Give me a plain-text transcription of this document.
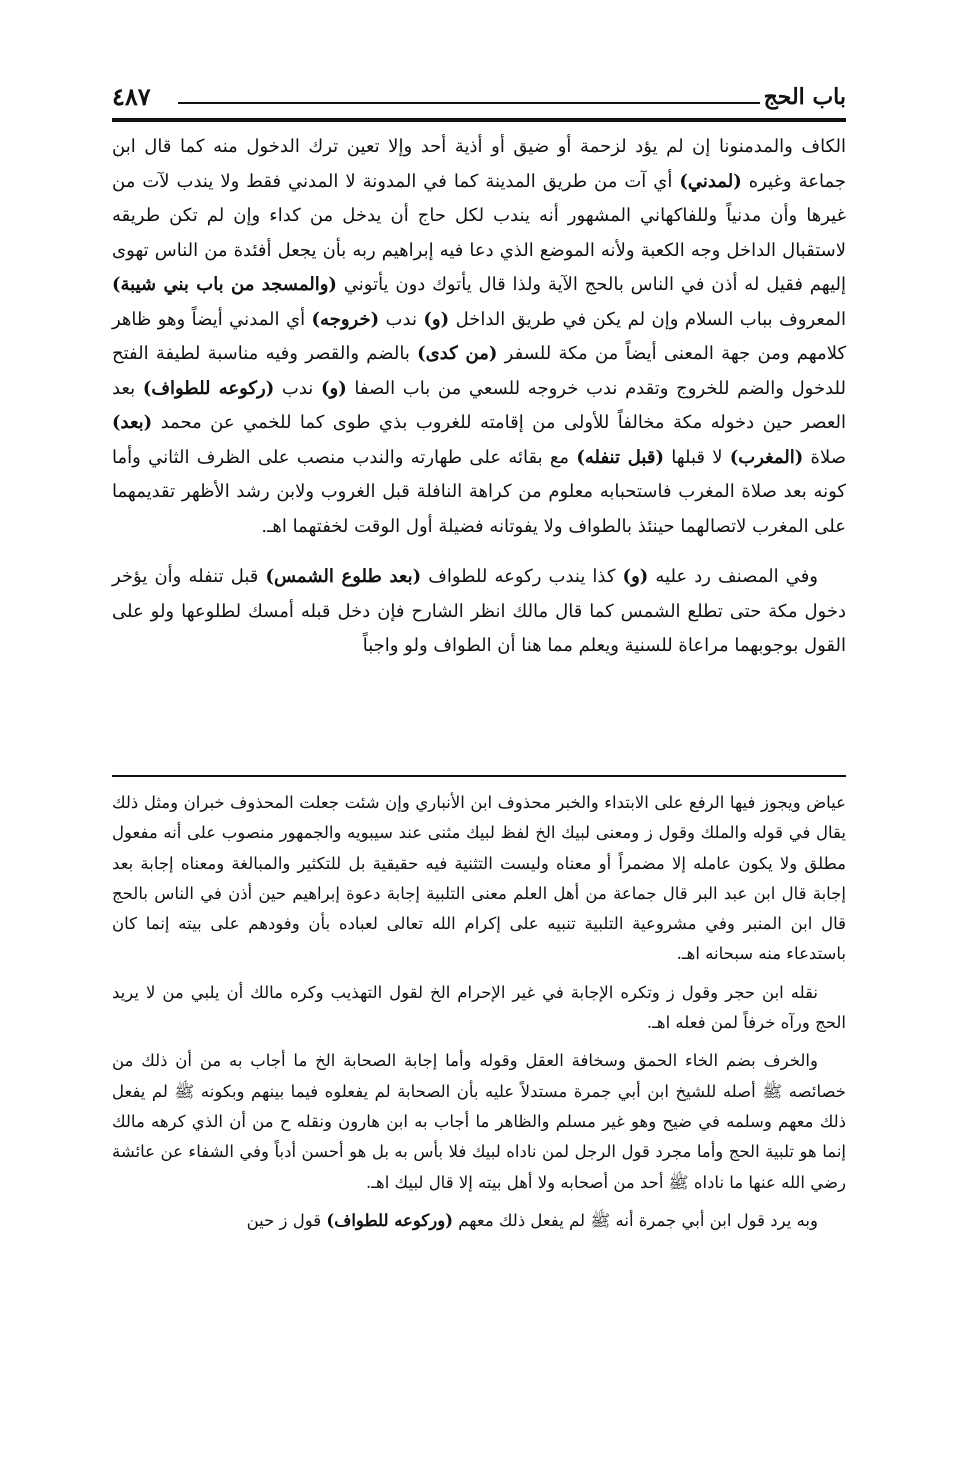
٤٨٧	باب الحج

الكاف والمدمنونا إن لم يؤد لزحمة أو ضيق أو أذية أحد وإلا تعين ترك الدخول منه كما قال ابن جماعة وغيره (لمدني) أي آت من طريق المدينة كما في المدونة لا المدني فقط ولا يندب لآت من غيرها وأن مدنياً وللفاكهاني المشهور أنه يندب لكل حاج أن يدخل من كداء وإن لم تكن طريقه لاستقبال الداخل وجه الكعبة ولأنه الموضع الذي دعا فيه إبراهيم ربه بأن يجعل أفئدة من الناس تهوى إليهم فقيل له أذن في الناس بالحج الآية ولذا قال يأتوك دون يأتوني (والمسجد من باب بني شيبة) المعروف بباب السلام وإن لم يكن في طريق الداخل (و) ندب (خروجه) أي المدني أيضاً وهو ظاهر كلامهم ومن جهة المعنى أيضاً من مكة للسفر (من كدى) بالضم والقصر وفيه مناسبة لطيفة الفتح للدخول والضم للخروج وتقدم ندب خروجه للسعي من باب الصفا (و) ندب (ركوعه للطواف) بعد العصر حين دخوله مكة مخالفاً للأولى من إقامته للغروب بذي طوى كما للخمي عن محمد (بعد) صلاة (المغرب) لا قبلها (قبل تنفله) مع بقائه على طهارته والندب منصب على الظرف الثاني وأما كونه بعد صلاة المغرب فاستحبابه معلوم من كراهة النافلة قبل الغروب ولابن رشد الأظهر تقديمهما على المغرب لاتصالهما حينئذ بالطواف ولا يفوتانه فضيلة أول الوقت لخفتهما اهـ.

وفي المصنف رد عليه (و) كذا يندب ركوعه للطواف (بعد طلوع الشمس) قبل تنفله وأن يؤخر دخول مكة حتى تطلع الشمس كما قال مالك انظر الشارح فإن دخل قبله أمسك لطلوعها ولو على القول بوجوبهما مراعاة للسنية ويعلم مما هنا أن الطواف ولو واجباً

عياض ويجوز فيها الرفع على الابتداء والخبر محذوف ابن الأنباري وإن شئت جعلت المحذوف خبران ومثل ذلك يقال في قوله والملك وقول ز ومعنى لبيك الخ لفظ لبيك مثنى عند سيبويه والجمهور منصوب على أنه مفعول مطلق ولا يكون عامله إلا مضمراً أو معناه وليست التثنية فيه حقيقية بل للتكثير والمبالغة ومعناه إجابة بعد إجابة قال ابن عبد البر قال جماعة من أهل العلم معنى التلبية إجابة دعوة إبراهيم حين أذن في الناس بالحج قال ابن المنبر وفي مشروعية التلبية تنبيه على إكرام الله تعالى لعباده بأن وفودهم على بيته إنما كان باستدعاء منه سبحانه اهـ.

نقله ابن حجر وقول ز وتكره الإجابة في غير الإحرام الخ لقول التهذيب وكره مالك أن يلبي من لا يريد الحج ورآه خرفاً لمن فعله اهـ.

والخرف بضم الخاء الحمق وسخافة العقل وقوله وأما إجابة الصحابة الخ ما أجاب به من أن ذلك من خصائصه ﷺ أصله للشيخ ابن أبي جمرة مستدلاً عليه بأن الصحابة لم يفعلوه فيما بينهم وبكونه ﷺ لم يفعل ذلك معهم وسلمه في ضيح وهو غير مسلم والظاهر ما أجاب به ابن هارون ونقله ح من أن الذي كرهه مالك إنما هو تلبية الحج وأما مجرد قول الرجل لمن ناداه لبيك فلا بأس به بل هو أحسن أدباً وفي الشفاء عن عائشة رضي الله عنها ما ناداه ﷺ أحد من أصحابه ولا أهل بيته إلا قال لبيك اهـ.

وبه يرد قول ابن أبي جمرة أنه ﷺ لم يفعل ذلك معهم (وركوعه للطواف) قول ز حين
